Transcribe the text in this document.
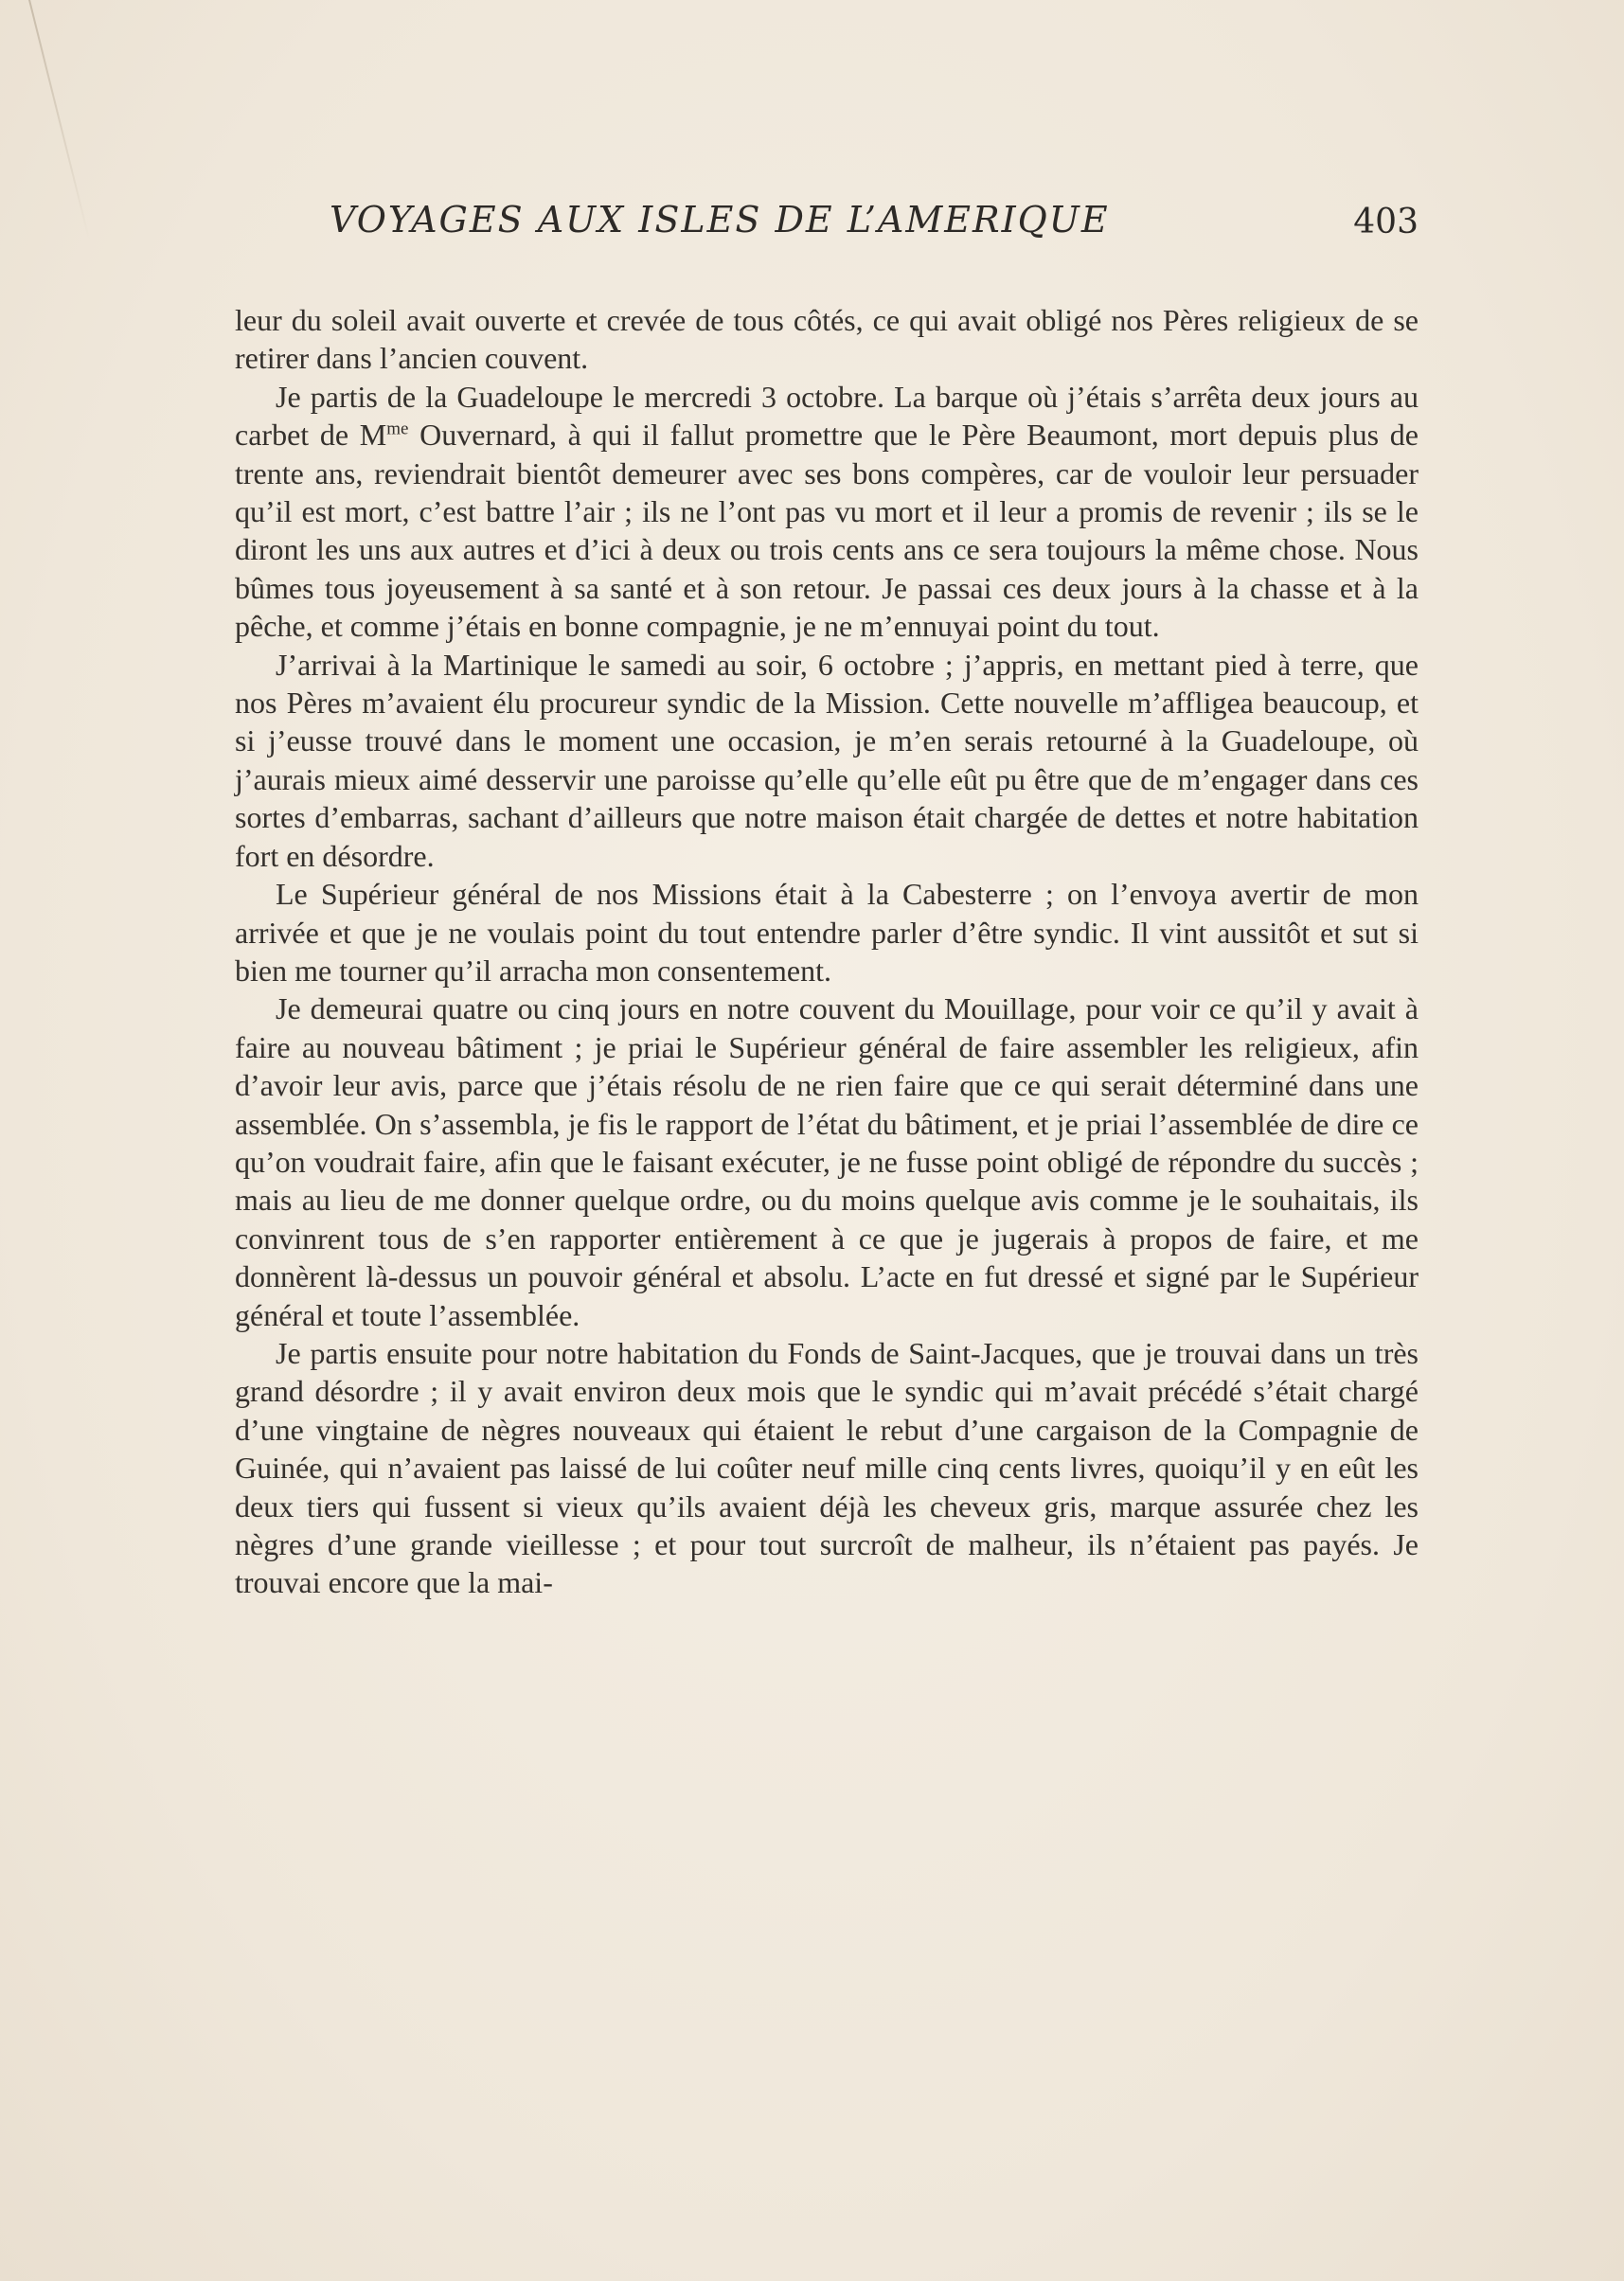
VOYAGES AUX ISLES DE L’AMERIQUE	403

leur du soleil avait ouverte et crevée de tous côtés, ce qui avait obligé nos Pères religieux de se retirer dans l’ancien couvent.

Je partis de la Guadeloupe le mercredi 3 octobre. La barque où j’étais s’arrêta deux jours au carbet de $M^{me}$ Ouvernard, à qui il fallut promettre que le Père Beaumont, mort depuis plus de trente ans, reviendrait bientôt demeurer avec ses bons compères, car de vouloir leur persuader qu’il est mort, c’est battre l’air ; ils ne l’ont pas vu mort et il leur a promis de revenir ; ils se le diront les uns aux autres et d’ici à deux ou trois cents ans ce sera toujours la même chose. Nous bûmes tous joyeusement à sa santé et à son retour. Je passai ces deux jours à la chasse et à la pêche, et comme j’étais en bonne compagnie, je ne m’ennuyai point du tout.

J’arrivai à la Martinique le samedi au soir, 6 octobre ; j’appris, en mettant pied à terre, que nos Pères m’avaient élu procureur syndic de la Mission. Cette nouvelle m’affligea beaucoup, et si j’eusse trouvé dans le moment une occasion, je m’en serais retourné à la Guadeloupe, où j’aurais mieux aimé desservir une paroisse qu’elle qu’elle eût pu être que de m’engager dans ces sortes d’embarras, sachant d’ailleurs que notre maison était chargée de dettes et notre habitation fort en désordre.

Le Supérieur général de nos Missions était à la Cabesterre ; on l’envoya avertir de mon arrivée et que je ne voulais point du tout entendre parler d’être syndic. Il vint aussitôt et sut si bien me tourner qu’il arracha mon consentement.

Je demeurai quatre ou cinq jours en notre couvent du Mouillage, pour voir ce qu’il y avait à faire au nouveau bâtiment ; je priai le Supérieur général de faire assembler les religieux, afin d’avoir leur avis, parce que j’étais résolu de ne rien faire que ce qui serait déterminé dans une assemblée. On s’assembla, je fis le rapport de l’état du bâtiment, et je priai l’assemblée de dire ce qu’on voudrait faire, afin que le faisant exécuter, je ne fusse point obligé de répondre du succès ; mais au lieu de me donner quelque ordre, ou du moins quelque avis comme je le souhaitais, ils convinrent tous de s’en rapporter entièrement à ce que je jugerais à propos de faire, et me donnèrent là-dessus un pouvoir général et absolu. L’acte en fut dressé et signé par le Supérieur général et toute l’assemblée.

Je partis ensuite pour notre habitation du Fonds de Saint-Jacques, que je trouvai dans un très grand désordre ; il y avait environ deux mois que le syndic qui m’avait précédé s’était chargé d’une vingtaine de nègres nouveaux qui étaient le rebut d’une cargaison de la Compagnie de Guinée, qui n’avaient pas laissé de lui coûter neuf mille cinq cents livres, quoiqu’il y en eût les deux tiers qui fussent si vieux qu’ils avaient déjà les cheveux gris, marque assurée chez les nègres d’une grande vieillesse ; et pour tout surcroît de malheur, ils n’étaient pas payés. Je trouvai encore que la mai-
